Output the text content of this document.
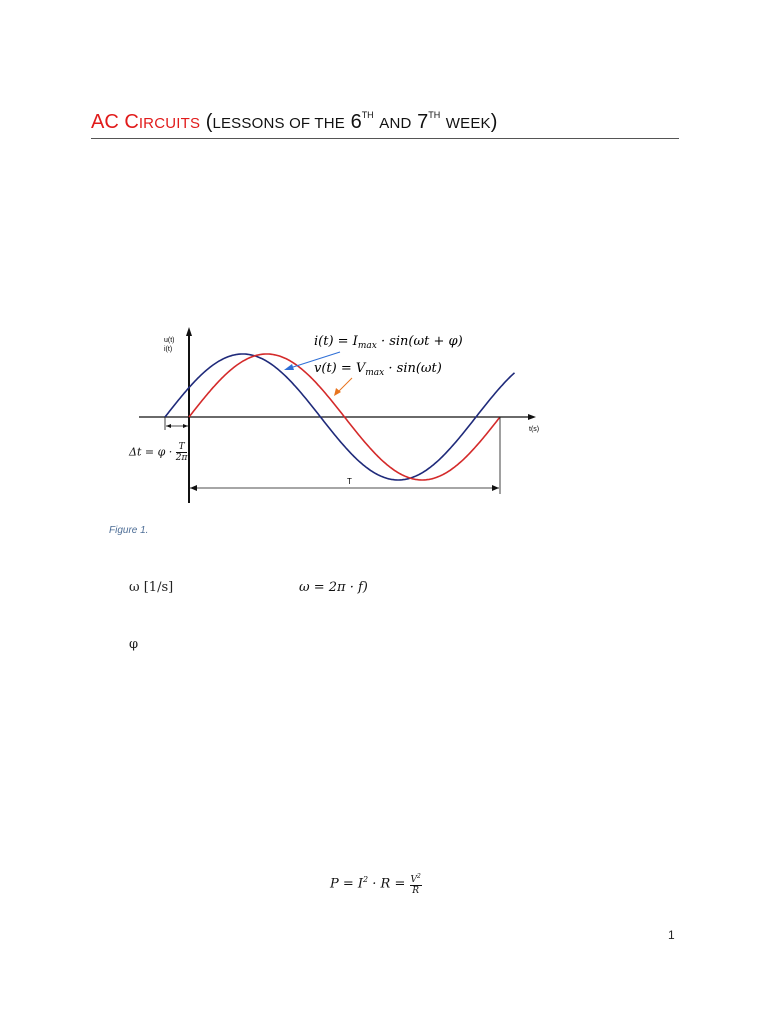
AC CIRCUITS (LESSONS OF THE 6TH AND 7TH WEEK)
u(t)
i(t)
t(s)
T
$i(t) = I_{max} \cdot \sin(\omega t + \varphi)$
$v(t) = V_{max} \cdot \sin(\omega t)$
$\Delta t = \varphi \cdot \frac{T}{2\pi}$
Figure 1.
ω [1/s]	ω = 2π · f)
φ
$P = I^2 \cdot R = \frac{V^2}{R}$
1
